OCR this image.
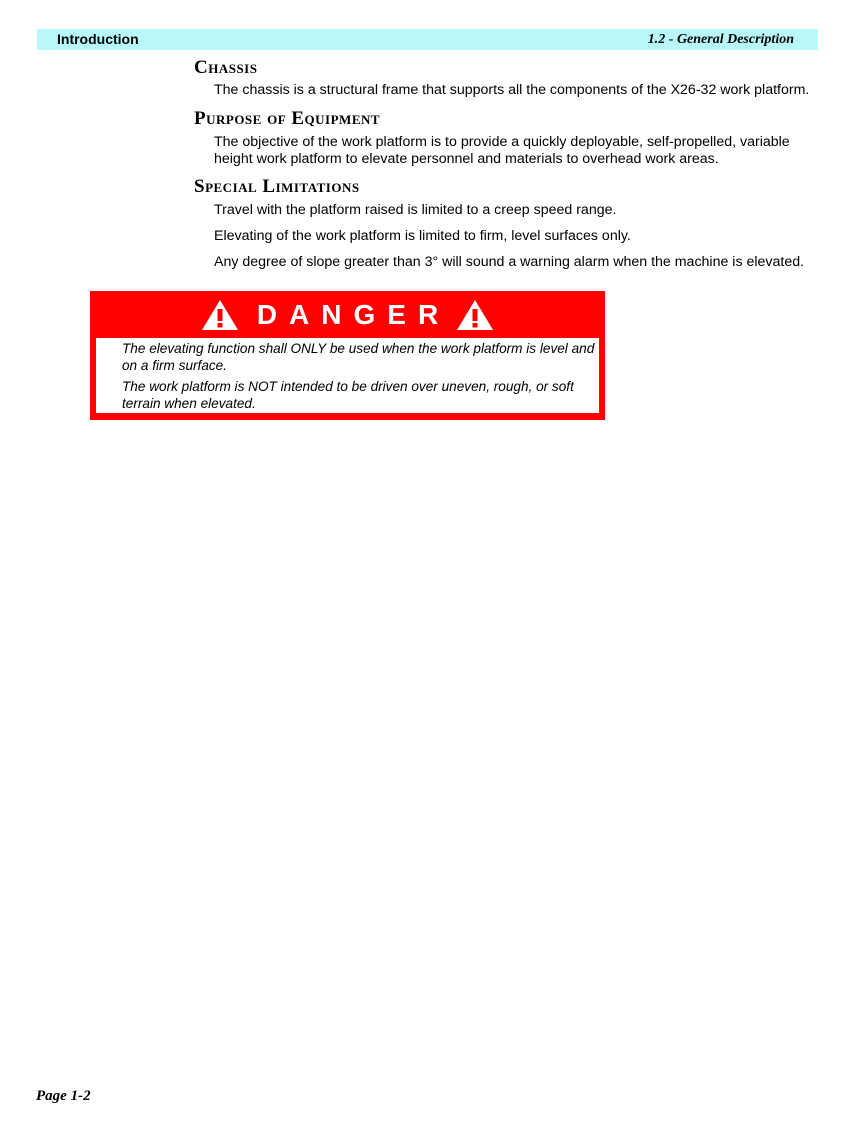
Introduction	1.2 - General Description
Chassis

The chassis is a structural frame that supports all the components of the X26-32 work platform.

Purpose of Equipment

The objective of the work platform is to provide a quickly deployable, self-propelled, variable height work platform to elevate personnel and materials to overhead work areas.

Special Limitations

Travel with the platform raised is limited to a creep speed range.

Elevating of the work platform is limited to firm, level surfaces only.

Any degree of slope greater than 3° will sound a warning alarm when the machine is elevated.

DANGER

The elevating function shall ONLY be used when the work platform is level and on a firm surface.

The work platform is NOT intended to be driven over uneven, rough, or soft terrain when elevated.

Page 1-2
